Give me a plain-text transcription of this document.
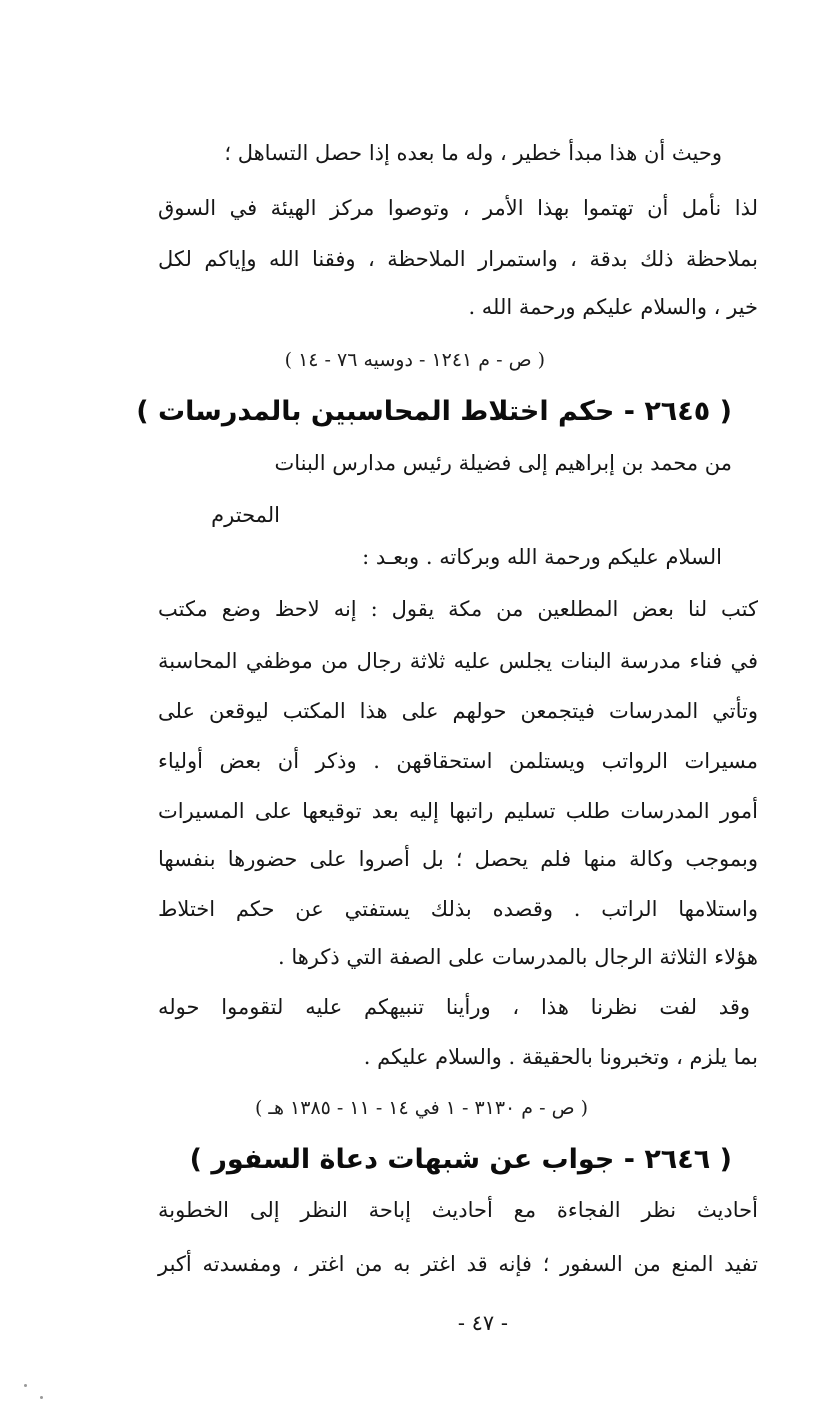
وحيث أن هذا مبدأ خطير ، وله ما بعده إذا حصل التساهل ؛
لذا نأمل أن تهتموا بهذا الأمر ، وتوصوا مركز الهيئة في السوق
بملاحظة ذلك بدقة ، واستمرار الملاحظة ، وفقنا الله وإياكم لكل
خير ، والسلام عليكم ورحمة الله .
( ص - م ١٢٤١ - دوسيه ٧٦ - ١٤ )
( ٢٦٤٥ - حكم اختلاط المحاسبين بالمدرسات )
من محمد بن إبراهيم إلى فضيلة رئيس مدارس البنات
المحترم
السلام عليكم ورحمة الله وبركاته . وبعـد :
كتب لنا بعض المطلعين من مكة يقول : إنه لاحظ وضع مكتب
في فناء مدرسة البنات يجلس عليه ثلاثة رجال من موظفي المحاسبة
وتأتي المدرسات فيتجمعن حولهم على هذا المكتب ليوقعن على
مسيرات الرواتب ويستلمن استحقاقهن . وذكر أن بعض أولياء
أمور المدرسات طلب تسليم راتبها إليه بعد توقيعها على المسيرات
وبموجب وكالة منها فلم يحصل ؛ بل أصروا على حضورها بنفسها
واستلامها الراتب . وقصده بذلك يستفتي عن حكم اختلاط
هؤلاء الثلاثة الرجال بالمدرسات على الصفة التي ذكرها .
وقد لفت نظرنا هذا ، ورأينا تنبيهكم عليه لتقوموا حوله
بما يلزم ، وتخبرونا بالحقيقة . والسلام عليكم .
( ص - م ٣١٣٠ - ١ في ١٤ - ١١ - ١٣٨٥ هـ )
( ٢٦٤٦ - جواب عن شبهات دعاة السفور )
أحاديث نظر الفجاءة مع أحاديث إباحة النظر إلى الخطوبة
تفيد المنع من السفور ؛ فإنه قد اغتر به من اغتر ، ومفسدته أكبر
- ٤٧ -
